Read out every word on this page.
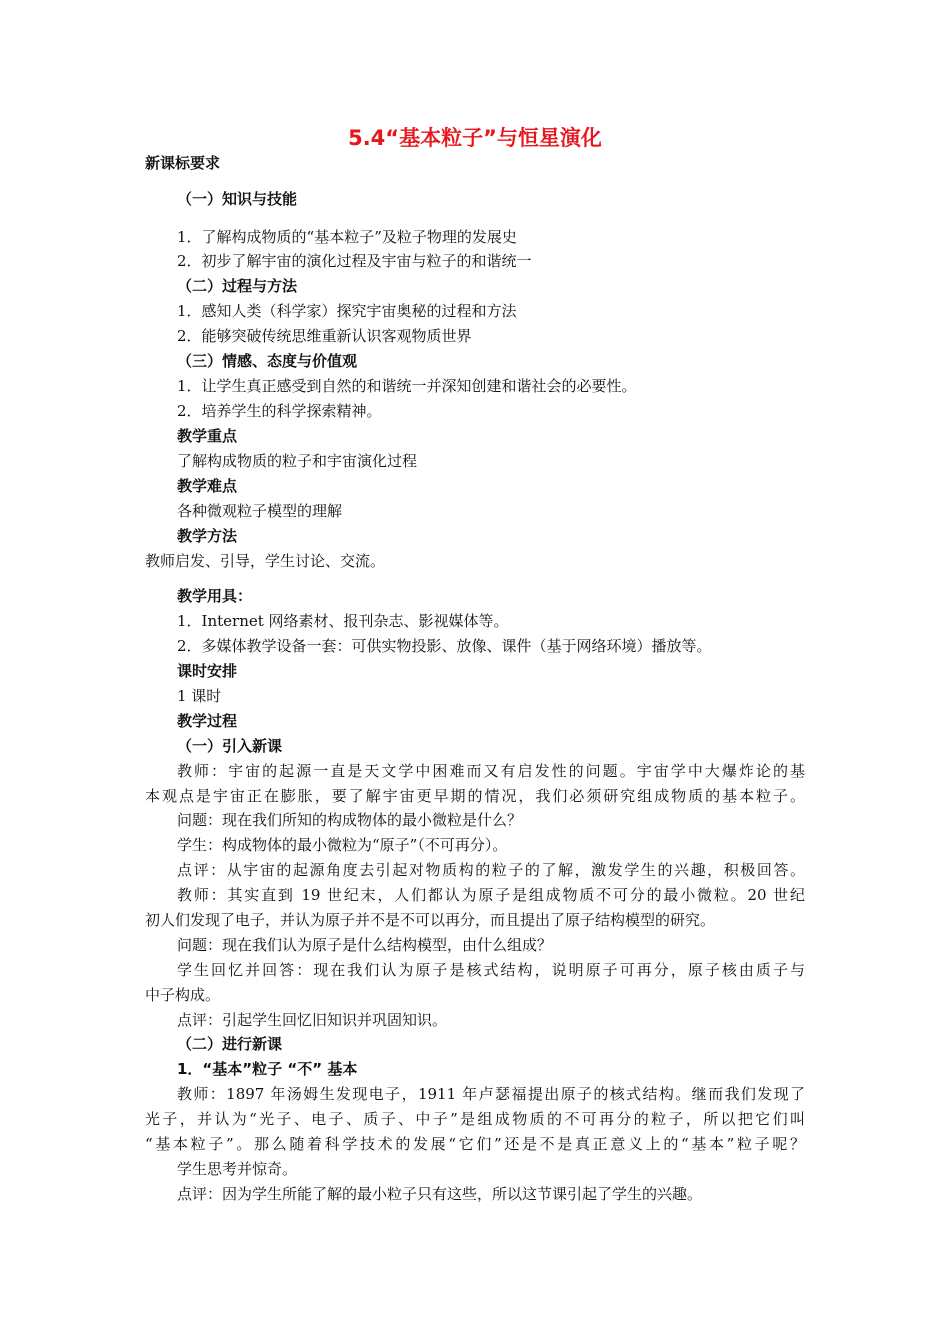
5.4“基本粒子”与恒星演化
新课标要求
（一）知识与技能
1．了解构成物质的“基本粒子”及粒子物理的发展史
2．初步了解宇宙的演化过程及宇宙与粒子的和谐统一
（二）过程与方法
1．感知人类（科学家）探究宇宙奥秘的过程和方法
2．能够突破传统思维重新认识客观物质世界
（三）情感、态度与价值观
1．让学生真正感受到自然的和谐统一并深知创建和谐社会的必要性。
2．培养学生的科学探索精神。
教学重点
了解构成物质的粒子和宇宙演化过程
教学难点
各种微观粒子模型的理解
教学方法
教师启发、引导，学生讨论、交流。
教学用具：
1．Internet 网络素材、报刊杂志、影视媒体等。
2．多媒体教学设备一套：可供实物投影、放像、课件（基于网络环境）播放等。
课时安排
1 课时
教学过程
（一）引入新课
教师：宇宙的起源一直是天文学中困难而又有启发性的问题。宇宙学中大爆炸论的基
本观点是宇宙正在膨胀，要了解宇宙更早期的情况，我们必须研究组成物质的基本粒子。
问题：现在我们所知的构成物体的最小微粒是什么？
学生：构成物体的最小微粒为“原子”（不可再分）。
点评：从宇宙的起源角度去引起对物质构的粒子的了解，激发学生的兴趣，积极回答。
教师：其实直到 19 世纪末，人们都认为原子是组成物质不可分的最小微粒。20 世纪
初人们发现了电子，并认为原子并不是不可以再分，而且提出了原子结构模型的研究。
问题：现在我们认为原子是什么结构模型，由什么组成？
学生回忆并回答：现在我们认为原子是核式结构，说明原子可再分，原子核由质子与
中子构成。
点评：引起学生回忆旧知识并巩固知识。
（二）进行新课
1．“基本”粒子 “不” 基本
教师：1897 年汤姆生发现电子，1911 年卢瑟福提出原子的核式结构。继而我们发现了
光子，并认为“光子、电子、质子、中子”是组成物质的不可再分的粒子，所以把它们叫
“基本粒子”。那么随着科学技术的发展“它们”还是不是真正意义上的“基本”粒子呢？
学生思考并惊奇。
点评：因为学生所能了解的最小粒子只有这些，所以这节课引起了学生的兴趣。
